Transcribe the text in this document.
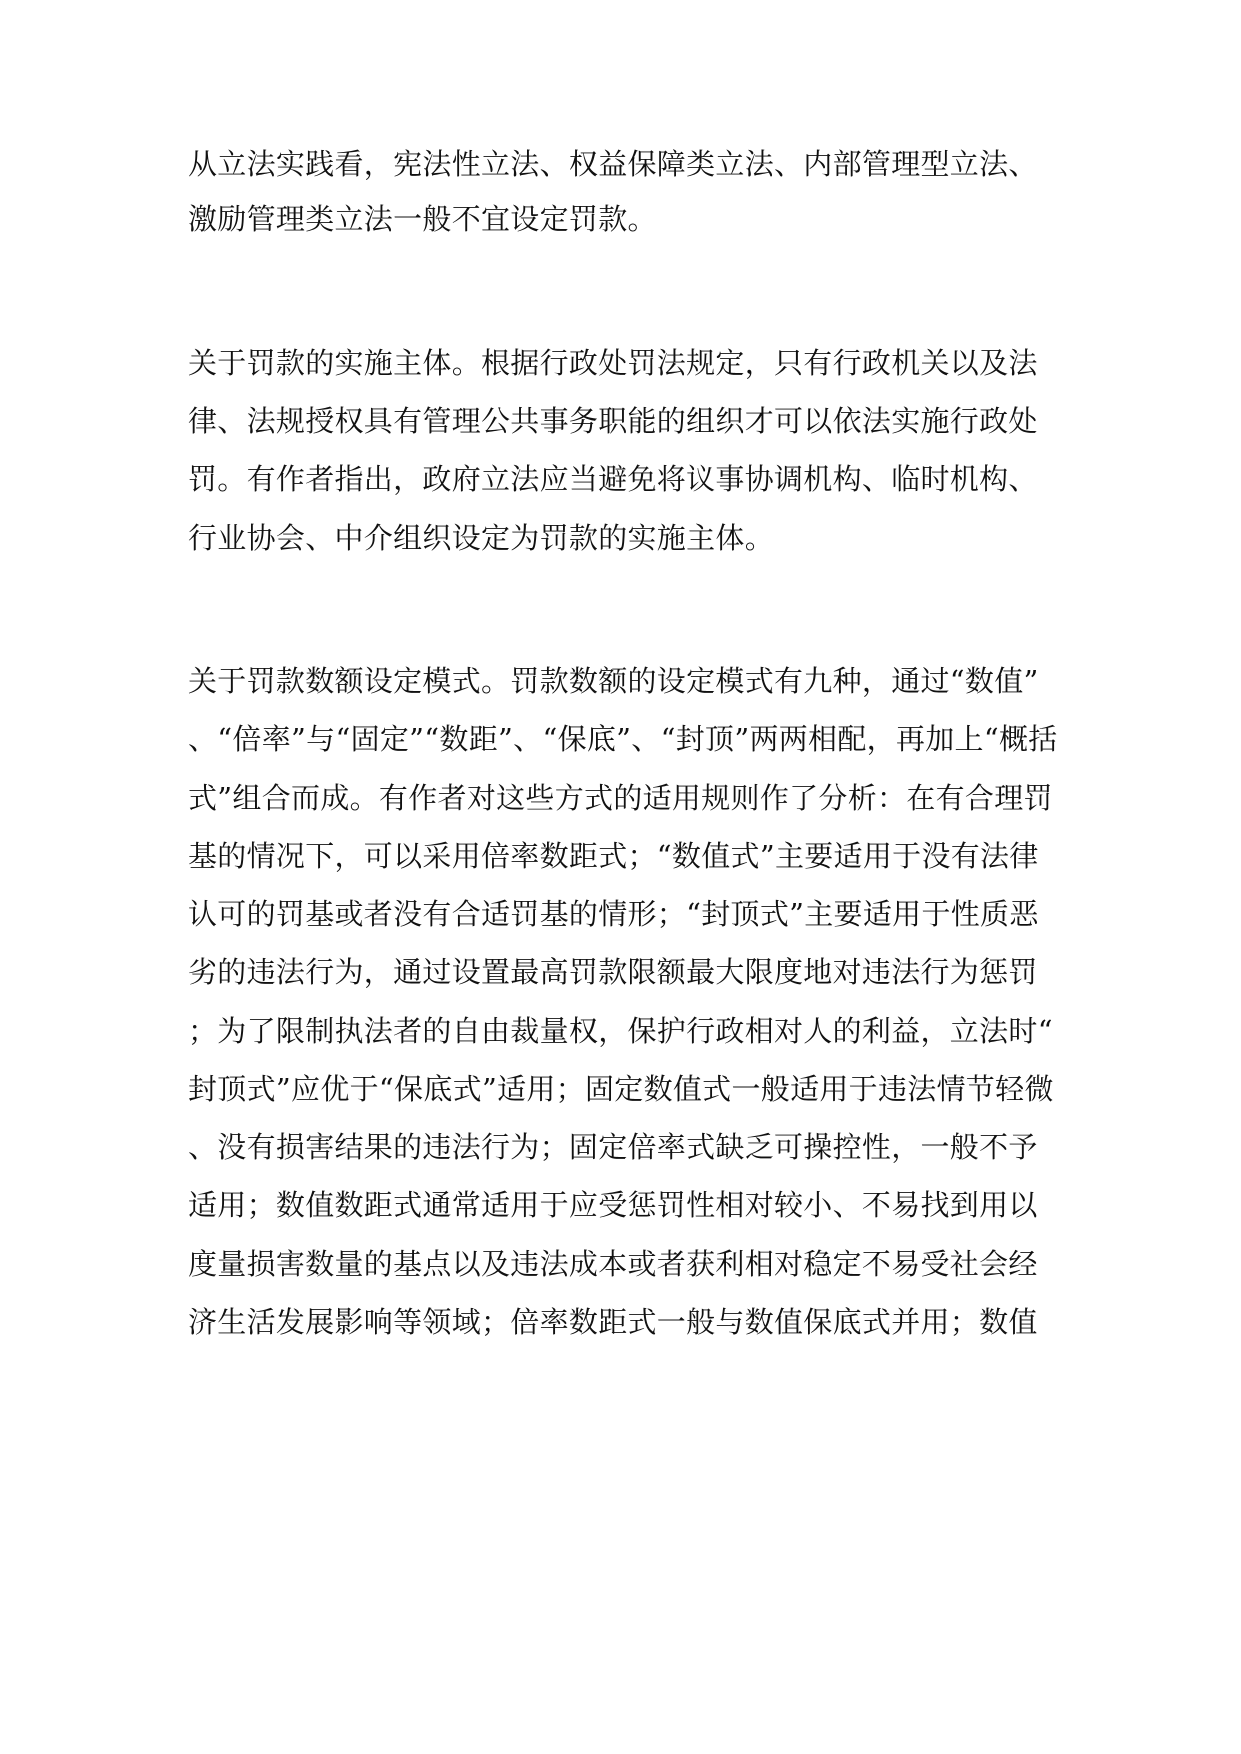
从立法实践看，宪法性立法、权益保障类立法、内部管理型立法、

激励管理类立法一般不宜设定罚款。

关于罚款的实施主体。根据行政处罚法规定，只有行政机关以及法

律、法规授权具有管理公共事务职能的组织才可以依法实施行政处

罚。有作者指出，政府立法应当避免将议事协调机构、临时机构、

行业协会、中介组织设定为罚款的实施主体。

关于罚款数额设定模式。罚款数额的设定模式有九种，通过“数值”

、“倍率”与“固定”“数距”、“保底”、“封顶”两两相配，再加上“概括

式”组合而成。有作者对这些方式的适用规则作了分析：在有合理罚

基的情况下，可以采用倍率数距式；“数值式”主要适用于没有法律

认可的罚基或者没有合适罚基的情形；“封顶式”主要适用于性质恶

劣的违法行为，通过设置最高罚款限额最大限度地对违法行为惩罚

；为了限制执法者的自由裁量权，保护行政相对人的利益，立法时“

封顶式”应优于“保底式”适用；固定数值式一般适用于违法情节轻微

、没有损害结果的违法行为；固定倍率式缺乏可操控性，一般不予

适用；数值数距式通常适用于应受惩罚性相对较小、不易找到用以

度量损害数量的基点以及违法成本或者获利相对稳定不易受社会经

济生活发展影响等领域；倍率数距式一般与数值保底式并用；数值
